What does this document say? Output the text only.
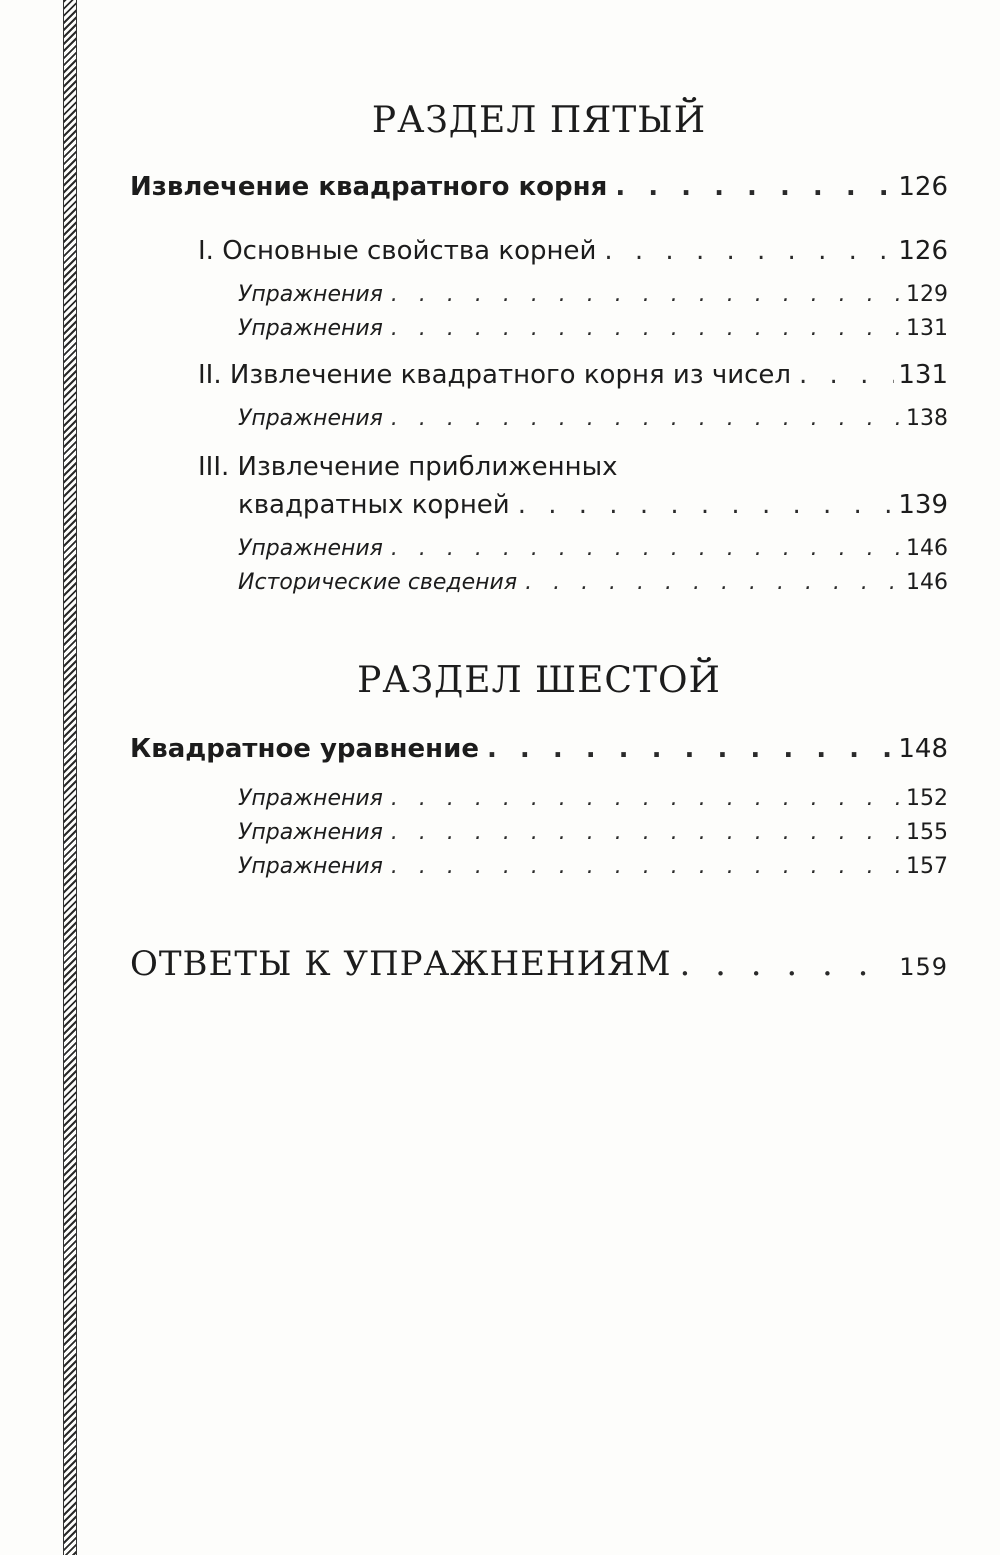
РАЗДЕЛ ПЯТЫЙ
Извлечение квадратного корня . . .	126
I. Основные свойства корней . . .	126
Упражнения . . .	129
Упражнения . . .	131
II. Извлечение квадратного корня из чисел . . .	131
Упражнения . . .	138
III. Извлечение приближенных
квадратных корней . . .	139
Упражнения . . .	146
Исторические сведения . . .	146
РАЗДЕЛ ШЕСТОЙ
Квадратное уравнение . . .	148
Упражнения . . .	152
Упражнения . . .	155
Упражнения . . .	157
ОТВЕТЫ К УПРАЖНЕНИЯМ . . .	159
